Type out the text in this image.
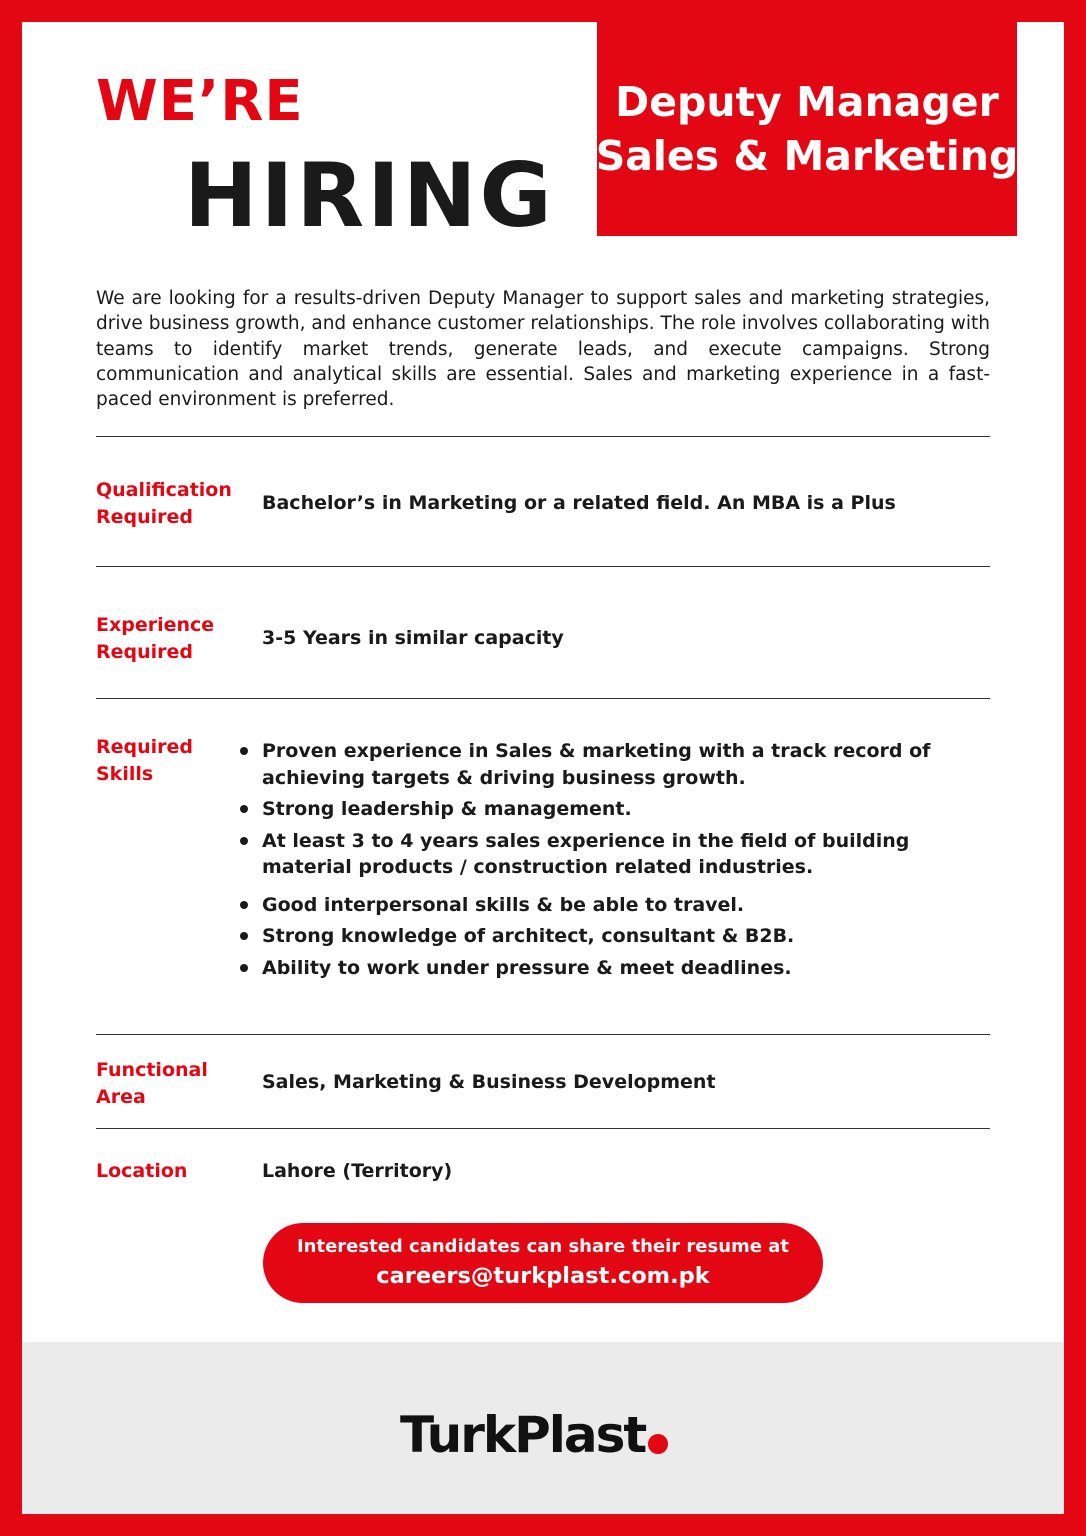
WE’RE
HIRING
Deputy Manager
Sales & Marketing
We are looking for a results-driven Deputy Manager to support sales and marketing strategies, drive business growth, and enhance customer relationships. The role involves collaborating with teams to identify market trends, generate leads, and execute campaigns. Strong communication and analytical skills are essential. Sales and marketing experience in a fast-paced environment is preferred.
Qualification
Required
Bachelor’s in Marketing or a related field. An MBA is a Plus
Experience
Required
3-5 Years in similar capacity
Required
Skills
Proven experience in Sales & marketing with a track record of achieving targets & driving business growth.
Strong leadership & management.
At least 3 to 4 years sales experience in the field of building material products / construction related industries.
Good interpersonal skills & be able to travel.
Strong knowledge of architect, consultant & B2B.
Ability to work under pressure & meet deadlines.
Functional
Area
Sales, Marketing & Business Development
Location	Lahore (Territory)
Interested candidates can share their resume at
careers@turkplast.com.pk
TurkPlast
